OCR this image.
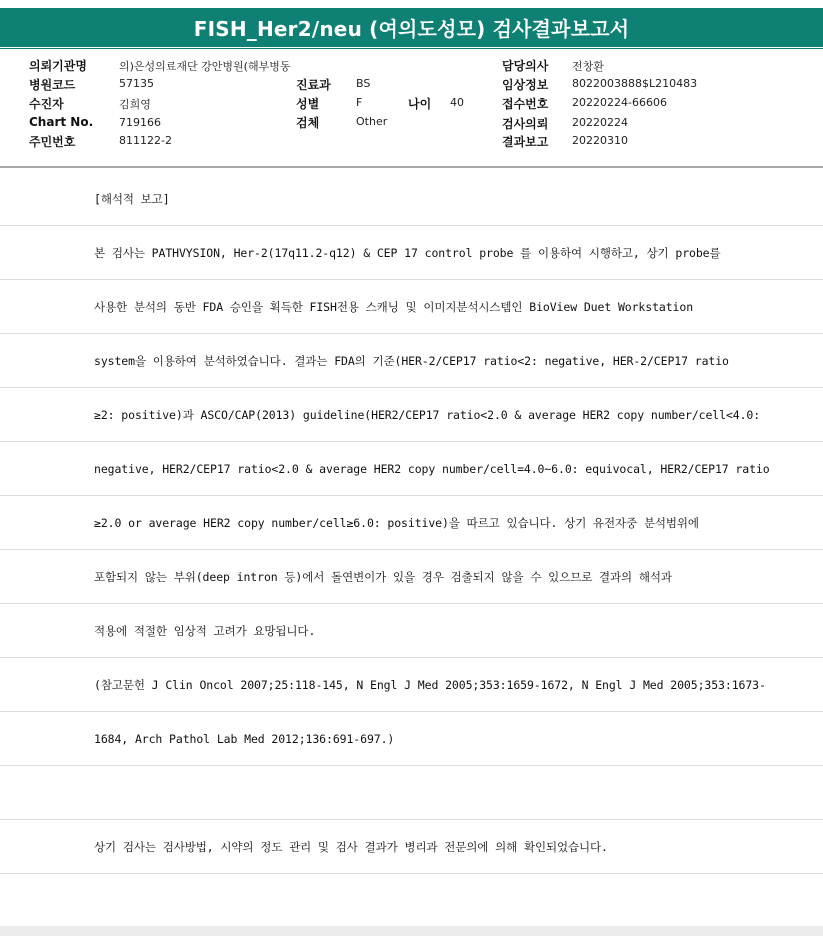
FISH_Her2/neu (여의도성모) 검사결과보고서
의뢰기관명	의)은성의료재단 강안병원(해부병동
병원코드	57135
수진자	김희영
Chart No. 719166
주민번호	811122-2
진료과 BS
성별	F	나이 40
검체	Other
담당의사 전창환
임상정보 8022003888$L210483
접수번호 20220224-66606
검사의뢰 20220224
결과보고 20220310
[해석적 보고]
본 검사는 PATHVYSION, Her-2(17q11.2-q12) & CEP 17 control probe 를 이용하여 시행하고, 상기 probe를
사용한 분석의 동반 FDA 승인을 획득한 FISH전용 스캐닝 및 이미지분석시스템인 BioView Duet Workstation
system을 이용하여 분석하였습니다. 결과는 FDA의 기준(HER-2/CEP17 ratio<2: negative, HER-2/CEP17 ratio
≥2: positive)과 ASCO/CAP(2013) guideline(HER2/CEP17 ratio<2.0 & average HER2 copy number/cell<4.0:
negative, HER2/CEP17 ratio<2.0 & average HER2 copy number/cell=4.0~6.0: equivocal, HER2/CEP17 ratio
≥2.0 or average HER2 copy number/cell≥6.0: positive)을 따르고 있습니다. 상기 유전자중 분석범위에
포함되지 않는 부위(deep intron 등)에서 돌연변이가 있을 경우 검출되지 않을 수 있으므로 결과의 해석과
적용에 적절한 임상적 고려가 요망됩니다.
(참고문헌 J Clin Oncol 2007;25:118-145, N Engl J Med 2005;353:1659-1672, N Engl J Med 2005;353:1673-
1684, Arch Pathol Lab Med 2012;136:691-697.)
상기 검사는 검사방법, 시약의 정도 관리 및 검사 결과가 병리과 전문의에 의해 확인되었습니다.
